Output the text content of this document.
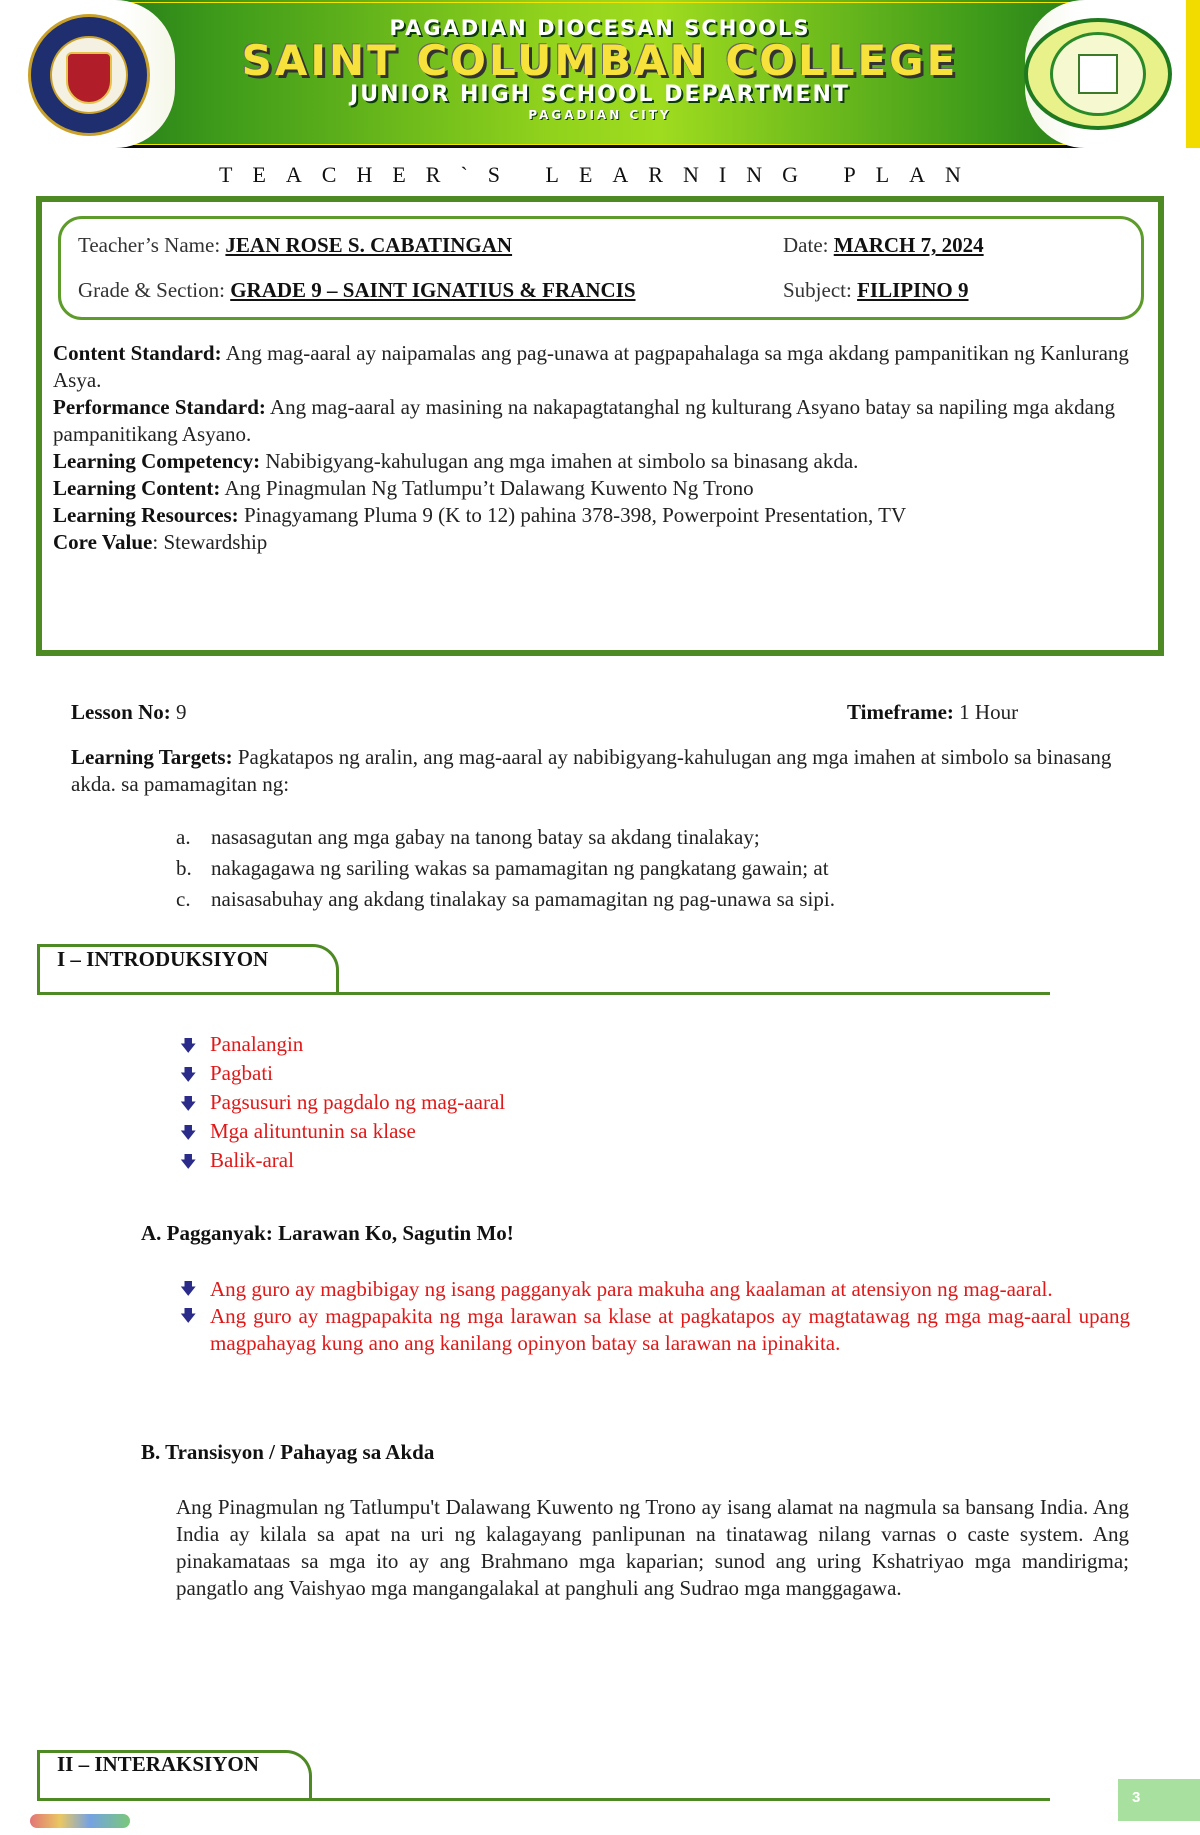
PAGADIAN DIOCESAN SCHOOLS
SAINT COLUMBAN COLLEGE
JUNIOR HIGH SCHOOL DEPARTMENT
PAGADIAN CITY
TEACHER`S LEARNING PLAN
Teacher’s Name: JEAN ROSE S. CABATINGAN	Date: MARCH 7, 2024
Grade & Section: GRADE 9 – SAINT IGNATIUS & FRANCIS	Subject: FILIPINO 9
Content Standard: Ang mag-aaral ay naipamalas ang pag-unawa at pagpapahalaga sa mga akdang pampanitikan ng Kanlurang Asya.
Performance Standard: Ang mag-aaral ay masining na nakapagtatanghal ng kulturang Asyano batay sa napiling mga akdang pampanitikang Asyano.
Learning Competency: Nabibigyang-kahulugan ang mga imahen at simbolo sa binasang akda.
Learning Content: Ang Pinagmulan Ng Tatlumpu’t Dalawang Kuwento Ng Trono
Learning Resources: Pinagyamang Pluma 9 (K to 12) pahina 378-398, Powerpoint Presentation, TV
Core Value: Stewardship
Lesson No: 9	Timeframe: 1 Hour
Learning Targets: Pagkatapos ng aralin, ang mag-aaral ay nabibigyang-kahulugan ang mga imahen at simbolo sa binasang akda. sa pamamagitan ng:
a. nasasagutan ang mga gabay na tanong batay sa akdang tinalakay;
b. nakagagawa ng sariling wakas sa pamamagitan ng pangkatang gawain; at
c. naisasabuhay ang akdang tinalakay sa pamamagitan ng pag-unawa sa sipi.
I – INTRODUKSIYON
🡇 Panalangin
🡇 Pagbati
🡇 Pagsusuri ng pagdalo ng mag-aaral
🡇 Mga alituntunin sa klase
🡇 Balik-aral
A. Pagganyak: Larawan Ko, Sagutin Mo!
🡇 Ang guro ay magbibigay ng isang pagganyak para makuha ang kaalaman at atensiyon ng mag-aaral.
🡇 Ang guro ay magpapakita ng mga larawan sa klase at pagkatapos ay magtatawag ng mga mag-aaral upang magpahayag kung ano ang kanilang opinyon batay sa larawan na ipinakita.
B. Transisyon / Pahayag sa Akda
Ang Pinagmulan ng Tatlumpu't Dalawang Kuwento ng Trono ay isang alamat na nagmula sa bansang India. Ang India ay kilala sa apat na uri ng kalagayang panlipunan na tinatawag nilang varnas o caste system. Ang pinakamataas sa mga ito ay ang Brahmano mga kaparian; sunod ang uring Kshatriyao mga mandirigma; pangatlo ang Vaishyao mga mangangalakal at panghuli ang Sudrao mga manggagawa.
II – INTERAKSIYON
3
